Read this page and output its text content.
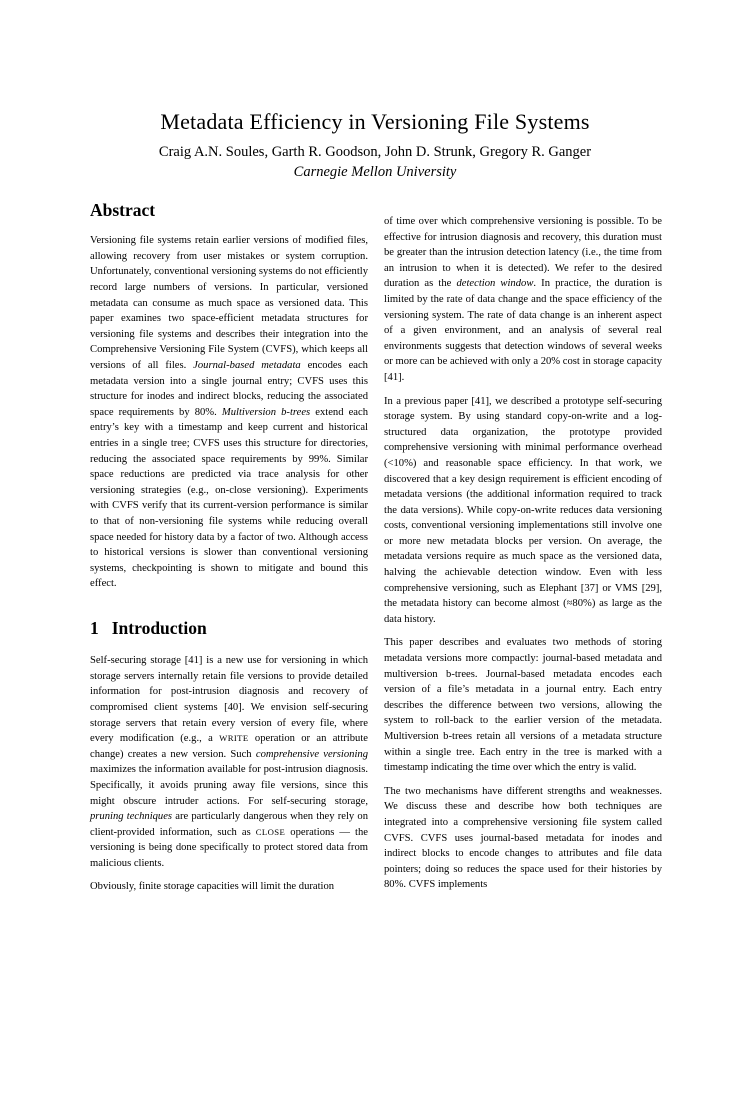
Metadata Efficiency in Versioning File Systems
Craig A.N. Soules, Garth R. Goodson, John D. Strunk, Gregory R. Ganger
Carnegie Mellon University
Abstract

Versioning file systems retain earlier versions of modified files, allowing recovery from user mistakes or system corruption. Unfortunately, conventional versioning systems do not efficiently record large numbers of versions. In particular, versioned metadata can consume as much space as versioned data. This paper examines two space-efficient metadata structures for versioning file systems and describes their integration into the Comprehensive Versioning File System (CVFS), which keeps all versions of all files. Journal-based metadata encodes each metadata version into a single journal entry; CVFS uses this structure for inodes and indirect blocks, reducing the associated space requirements by 80%. Multiversion b-trees extend each entry’s key with a timestamp and keep current and historical entries in a single tree; CVFS uses this structure for directories, reducing the associated space requirements by 99%. Similar space reductions are predicted via trace analysis for other versioning strategies (e.g., on-close versioning). Experiments with CVFS verify that its current-version performance is similar to that of non-versioning file systems while reducing overall space needed for history data by a factor of two. Although access to historical versions is slower than conventional versioning systems, checkpointing is shown to mitigate and bound this effect.

1 Introduction

Self-securing storage [41] is a new use for versioning in which storage servers internally retain file versions to provide detailed information for post-intrusion diagnosis and recovery of compromised client systems [40]. We envision self-securing storage servers that retain every version of every file, where every modification (e.g., a WRITE operation or an attribute change) creates a new version. Such comprehensive versioning maximizes the information available for post-intrusion diagnosis. Specifically, it avoids pruning away file versions, since this might obscure intruder actions. For self-securing storage, pruning techniques are particularly dangerous when they rely on client-provided information, such as CLOSE operations — the versioning is being done specifically to protect stored data from malicious clients.

Obviously, finite storage capacities will limit the duration

of time over which comprehensive versioning is possible. To be effective for intrusion diagnosis and recovery, this duration must be greater than the intrusion detection latency (i.e., the time from an intrusion to when it is detected). We refer to the desired duration as the detection window. In practice, the duration is limited by the rate of data change and the space efficiency of the versioning system. The rate of data change is an inherent aspect of a given environment, and an analysis of several real environments suggests that detection windows of several weeks or more can be achieved with only a 20% cost in storage capacity [41].

In a previous paper [41], we described a prototype self-securing storage system. By using standard copy-on-write and a log-structured data organization, the prototype provided comprehensive versioning with minimal performance overhead (<10%) and reasonable space efficiency. In that work, we discovered that a key design requirement is efficient encoding of metadata versions (the additional information required to track the data versions). While copy-on-write reduces data versioning costs, conventional versioning implementations still involve one or more new metadata blocks per version. On average, the metadata versions require as much space as the versioned data, halving the achievable detection window. Even with less comprehensive versioning, such as Elephant [37] or VMS [29], the metadata history can become almost (≈80%) as large as the data history.

This paper describes and evaluates two methods of storing metadata versions more compactly: journal-based metadata and multiversion b-trees. Journal-based metadata encodes each version of a file’s metadata in a journal entry. Each entry describes the difference between two versions, allowing the system to roll-back to the earlier version of the metadata. Multiversion b-trees retain all versions of a metadata structure within a single tree. Each entry in the tree is marked with a timestamp indicating the time over which the entry is valid.

The two mechanisms have different strengths and weaknesses. We discuss these and describe how both techniques are integrated into a comprehensive versioning file system called CVFS. CVFS uses journal-based metadata for inodes and indirect blocks to encode changes to attributes and file data pointers; doing so reduces the space used for their histories by 80%. CVFS implements
